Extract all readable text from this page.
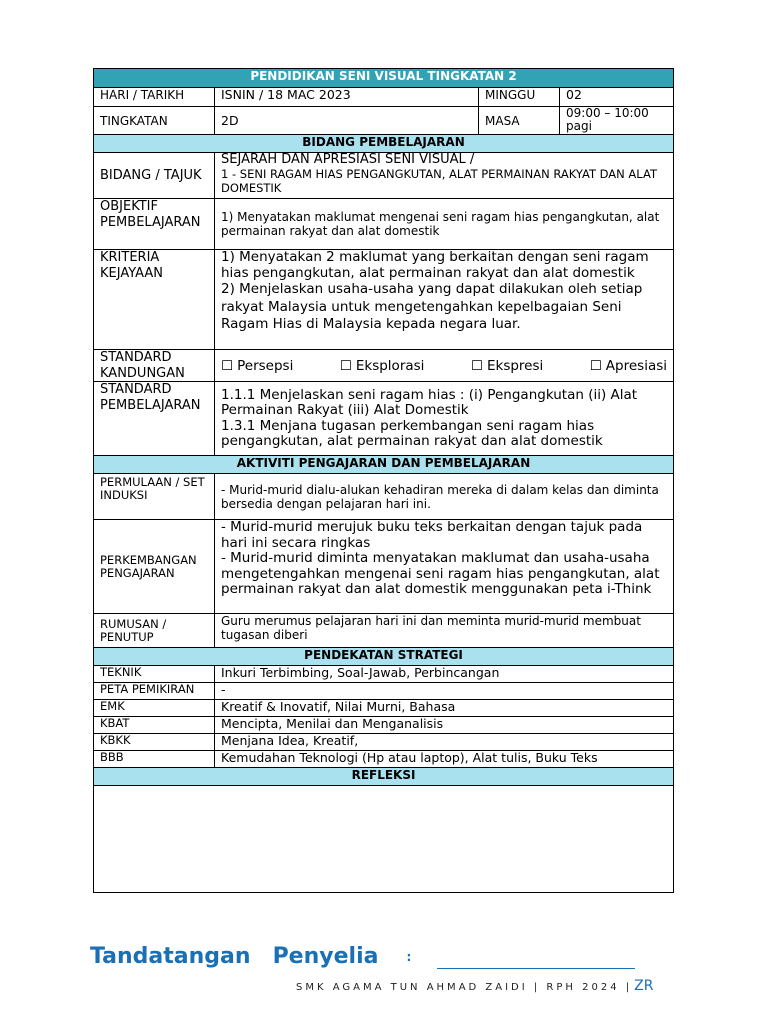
PENDIDIKAN SENI VISUAL TINGKATAN 2			
HARI / TARIKH	ISNIN / 18 MAC 2023	MINGGU	02
TINGKATAN	2D	MASA	09:00 – 10:00 pagi
BIDANG PEMBELAJARAN			
BIDANG / TAJUK	SEJARAH DAN APRESIASI SENI VISUAL /
1 - SENI RAGAM HIAS PENGANGKUTAN, ALAT PERMAINAN RAKYAT DAN ALAT DOMESTIK		

OBJEKTIF PEMBELAJARAN	1) Menyatakan maklumat mengenai seni ragam hias pengangkutan, alat permainan rakyat dan alat domestik		
KRITERIA KEJAYAAN	1) Menyatakan 2 maklumat yang berkaitan dengan seni ragam hias pengangkutan, alat permainan rakyat dan alat domestik
2) Menjelaskan usaha-usaha yang dapat dilakukan oleh setiap rakyat Malaysia untuk mengetengahkan kepelbagaian Seni Ragam Hias di Malaysia kepada negara luar.		

STANDARD KANDUNGAN	☐ Persepsi ☐ Eksplorasi ☐ Ekspresi ☐ Apresiasi		

STANDARD PEMBELAJARAN	1.1.1 Menjelaskan seni ragam hias : (i) Pengangkutan (ii) Alat Permainan Rakyat (iii) Alat Domestik
1.3.1 Menjana tugasan perkembangan seni ragam hias pengangkutan, alat permainan rakyat dan alat domestik		

AKTIVITI PENGAJARAN DAN PEMBELAJARAN			
PERMULAAN / SET INDUKSI	- Murid-murid dialu-alukan kehadiran mereka di dalam kelas dan diminta bersedia dengan pelajaran hari ini.		
PERKEMBANGAN PENGAJARAN	- Murid-murid merujuk buku teks berkaitan dengan tajuk pada hari ini secara ringkas
- Murid-murid diminta menyatakan maklumat dan usaha-usaha mengetengahkan mengenai seni ragam hias pengangkutan, alat permainan rakyat dan alat domestik menggunakan peta i-Think		

RUMUSAN / PENUTUP	Guru merumus pelajaran hari ini dan meminta murid-murid membuat tugasan diberi		
PENDEKATAN STRATEGI			
TEKNIK	Inkuri Terbimbing, Soal-Jawab, Perbincangan		
PETA PEMIKIRAN	-		
EMK	Kreatif & Inovatif, Nilai Murni, Bahasa		
KBAT	Mencipta, Menilai dan Menganalisis		
KBKK	Menjana Idea, Kreatif,		
BBB	Kemudahan Teknologi (Hp atau laptop), Alat tulis, Buku Teks		
REFLEKSI			

Tandatangan Penyelia :
SMK AGAMA TUN AHMAD ZAIDI | RPH 2024 | ZR
